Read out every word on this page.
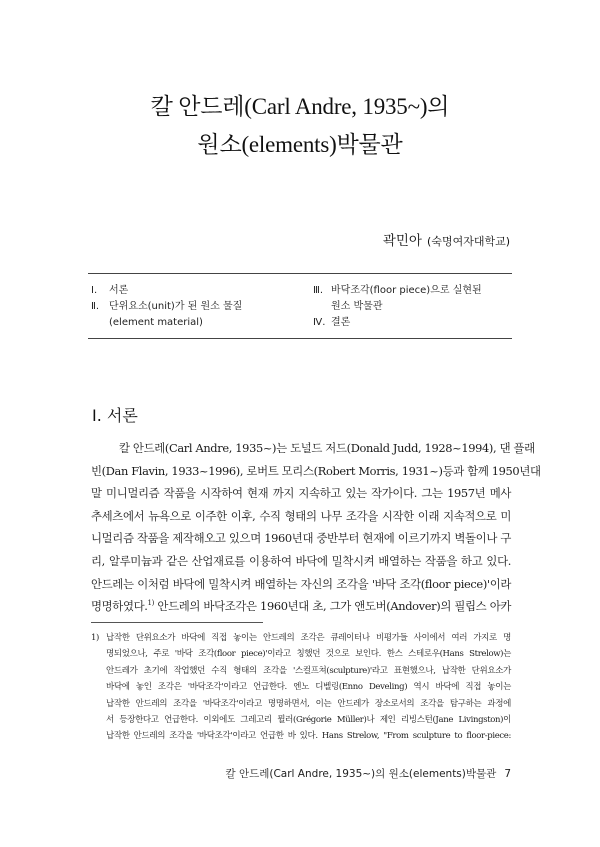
칼 안드레(Carl Andre, 1935~)의
원소(elements)박물관
곽민아 (숙명여자대학교)
Ⅰ.	서론
Ⅱ. 단위요소(unit)가 된 원소 물질
(element material)
Ⅲ. 바닥조각(floor piece)으로 실현된
원소 박물관
Ⅳ. 결론
Ⅰ. 서론
칼 안드레(Carl Andre, 1935~)는 도널드 저드(Donald Judd, 1928~1994), 댄 플래
빈(Dan Flavin, 1933~1996), 로버트 모리스(Robert Morris, 1931~)등과 함께 1950년대
말 미니멀리즘 작품을 시작하여 현재 까지 지속하고 있는 작가이다. 그는 1957년 메사
추세츠에서 뉴욕으로 이주한 이후, 수직 형태의 나무 조각을 시작한 이래 지속적으로 미
니멀리즘 작품을 제작해오고 있으며 1960년대 중반부터 현재에 이르기까지 벽돌이나 구
리, 알루미늄과 같은 산업재료를 이용하여 바닥에 밀착시켜 배열하는 작품을 하고 있다.
안드레는 이처럼 바닥에 밀착시켜 배열하는 자신의 조각을 '바닥 조각(floor piece)'이라
명명하였다.$^{1)}$ 안드레의 바닥조각은 1960년대 초, 그가 앤도버(Andover)의 필립스 아카
1) 납작한 단위요소가 바닥에 직접 놓이는 안드레의 조각은 큐레이터나 비평가들 사이에서 여러 가지로 명
명되었으나, 주로 '바닥 조각(floor piece)'이라고 칭했던 것으로 보인다. 한스 스테로우(Hans Strelow)는
안드레가 초기에 작업했던 수직 형태의 조각을 '스컬프쳐(sculpture)'라고 표현했으나, 납작한 단위요소가
바닥에 놓인 조각은 '바닥조각'이라고 언급한다. 엔노 디벨링(Enno Develing) 역시 바닥에 직접 놓이는
납작한 안드레의 조각을 '바닥조각'이라고 명명하면서, 이는 안드레가 장소로서의 조각을 탐구하는 과정에
서 등장한다고 언급한다. 이외에도 그레고리 뮐러(Grégorie Müller)나 제인 리빙스턴(Jane Livingston)이
납작한 안드레의 조각을 '바닥조각'이라고 언급한 바 있다. Hans Strelow, "From sculpture to floor-piece:
칼 안드레(Carl Andre, 1935~)의 원소(elements)박물관 7
